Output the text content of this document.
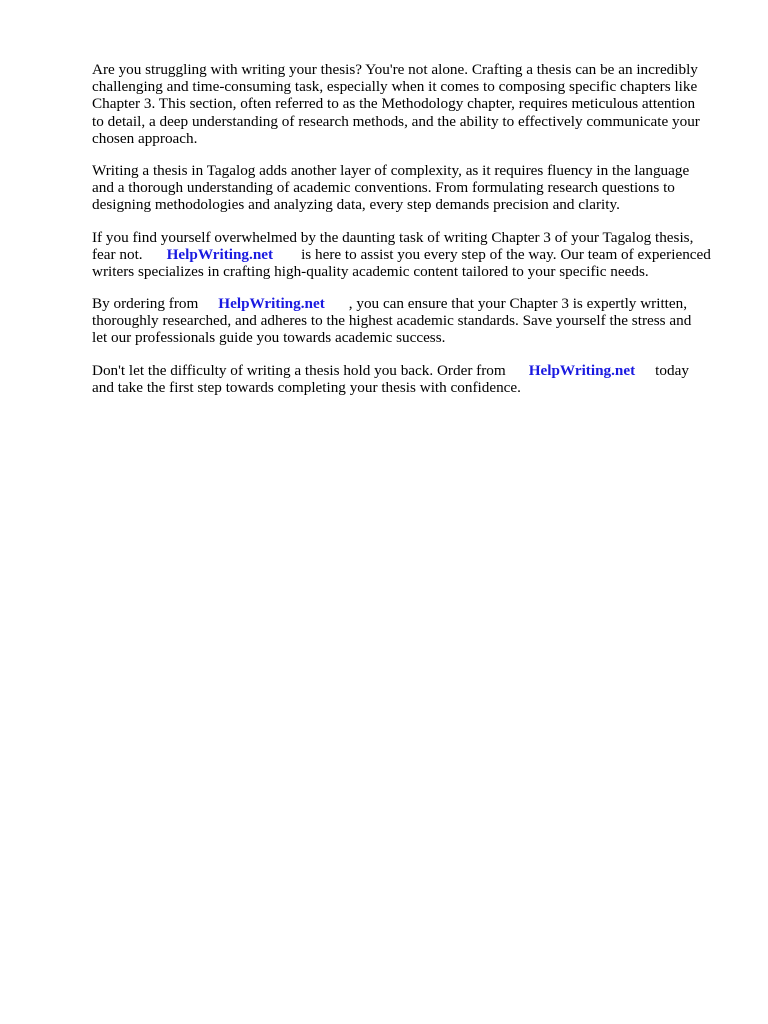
Are you struggling with writing your thesis? You're not alone. Crafting a thesis can be an incredibly
challenging and time-consuming task, especially when it comes to composing specific chapters like
Chapter 3. This section, often referred to as the Methodology chapter, requires meticulous attention
to detail, a deep understanding of research methods, and the ability to effectively communicate your
chosen approach.

Writing a thesis in Tagalog adds another layer of complexity, as it requires fluency in the language
and a thorough understanding of academic conventions. From formulating research questions to
designing methodologies and analyzing data, every step demands precision and clarity.

If you find yourself overwhelmed by the daunting task of writing Chapter 3 of your Tagalog thesis,
fear not. HelpWriting.net is here to assist you every step of the way. Our team of experienced
writers specializes in crafting high-quality academic content tailored to your specific needs.

By ordering from HelpWriting.net , you can ensure that your Chapter 3 is expertly written,
thoroughly researched, and adheres to the highest academic standards. Save yourself the stress and
let our professionals guide you towards academic success.

Don't let the difficulty of writing a thesis hold you back. Order from HelpWriting.net today
and take the first step towards completing your thesis with confidence.
